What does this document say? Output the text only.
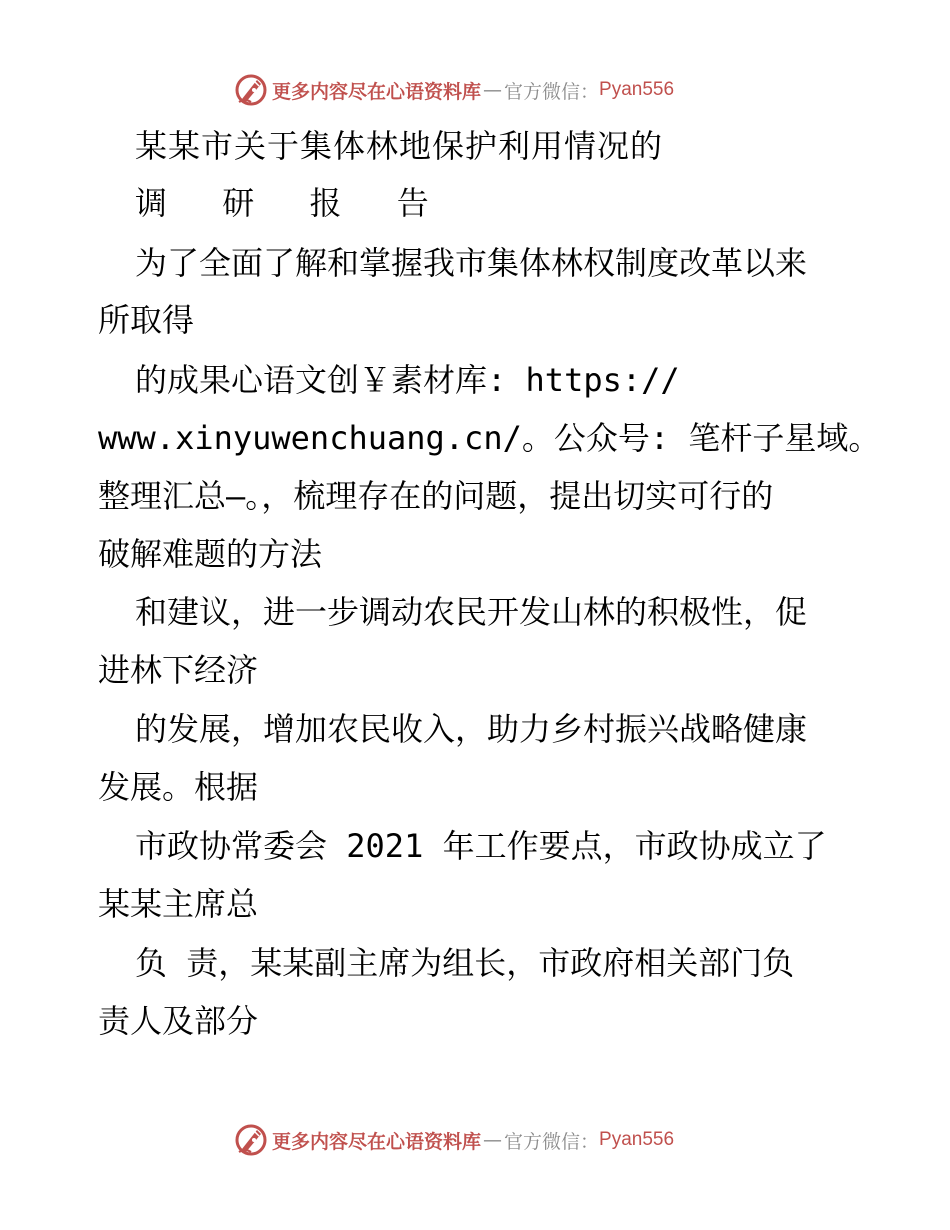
更多内容尽在心语资料库 — 官方微信： Pyan556
某某市关于集体林地保护利用情况的
调 研 报 告
为了全面了解和掌握我市集体林权制度改革以来
所取得
的成果心语文创￥素材库: https://
www.xinyuwenchuang.cn/。公众号: 笔杆子星域。
整理汇总—。，梳理存在的问题，提出切实可行的
破解难题的方法
和建议，进一步调动农民开发山林的积极性，促
进林下经济
的发展，增加农民收入，助力乡村振兴战略健康
发展。根据
市政协常委会 2021 年工作要点，市政协成立了
某某主席总
负 责，某某副主席为组长，市政府相关部门负
责人及部分
更多内容尽在心语资料库 — 官方微信： Pyan556
